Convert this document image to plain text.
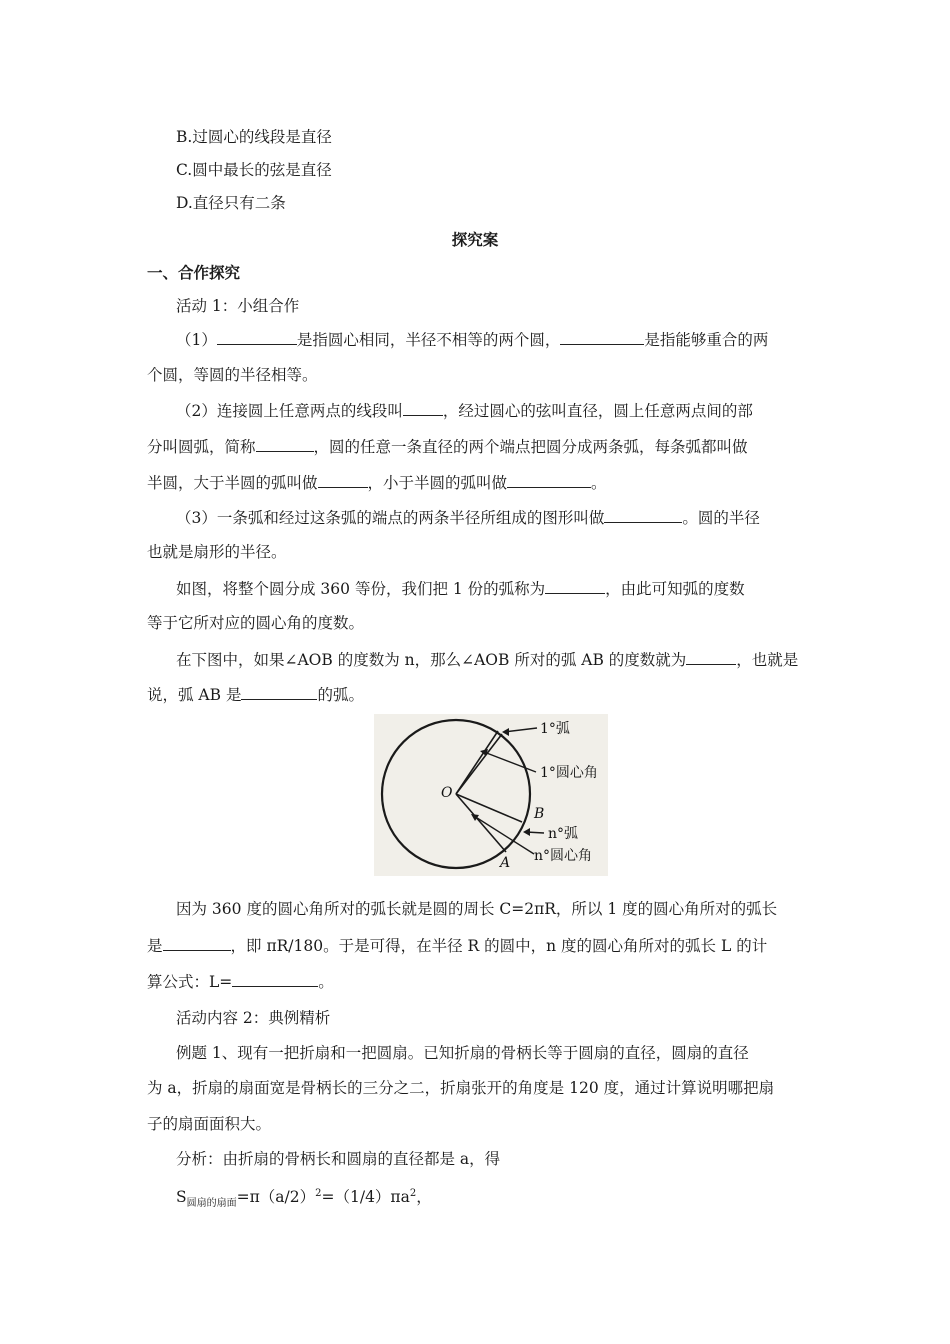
B.过圆心的线段是直径
C.圆中最长的弦是直径
D.直径只有二条
探究案
一、合作探究
活动 1：小组合作
（1）	是指圆心相同，半径不相等的两个圆，	是指能够重合的两
个圆，等圆的半径相等。
（2）连接圆上任意两点的线段叫	，经过圆心的弦叫直径，圆上任意两点间的部
分叫圆弧，简称	，圆的任意一条直径的两个端点把圆分成两条弧，每条弧都叫做
半圆，大于半圆的弧叫做	，小于半圆的弧叫做	。
（3）一条弧和经过这条弧的端点的两条半径所组成的图形叫做	。圆的半径
也就是扇形的半径。
如图，将整个圆分成 360 等份，我们把 1 份的弧称为	，由此可知弧的度数
等于它所对应的圆心角的度数。
在下图中，如果∠AOB 的度数为 n，那么∠AOB 所对的弧 AB 的度数就为	，也就是
说，弧 AB 是	的弧。
1°弧
1°圆心角
O
B
A
n°弧
n°圆心角
因为 360 度的圆心角所对的弧长就是圆的周长 C=2πR，所以 1 度的圆心角所对的弧长
是	，即 πR/180。于是可得，在半径 R 的圆中，n 度的圆心角所对的弧长 L 的计
算公式：L=	。
活动内容 2：典例精析
例题 1、现有一把折扇和一把圆扇。已知折扇的骨柄长等于圆扇的直径，圆扇的直径
为 a，折扇的扇面宽是骨柄长的三分之二，折扇张开的角度是 120 度，通过计算说明哪把扇
子的扇面面积大。
分析：由折扇的骨柄长和圆扇的直径都是 a，得
$S_{圆扇的扇面}=\pi(a/2)^2=(1/4)\pi a^2$，
